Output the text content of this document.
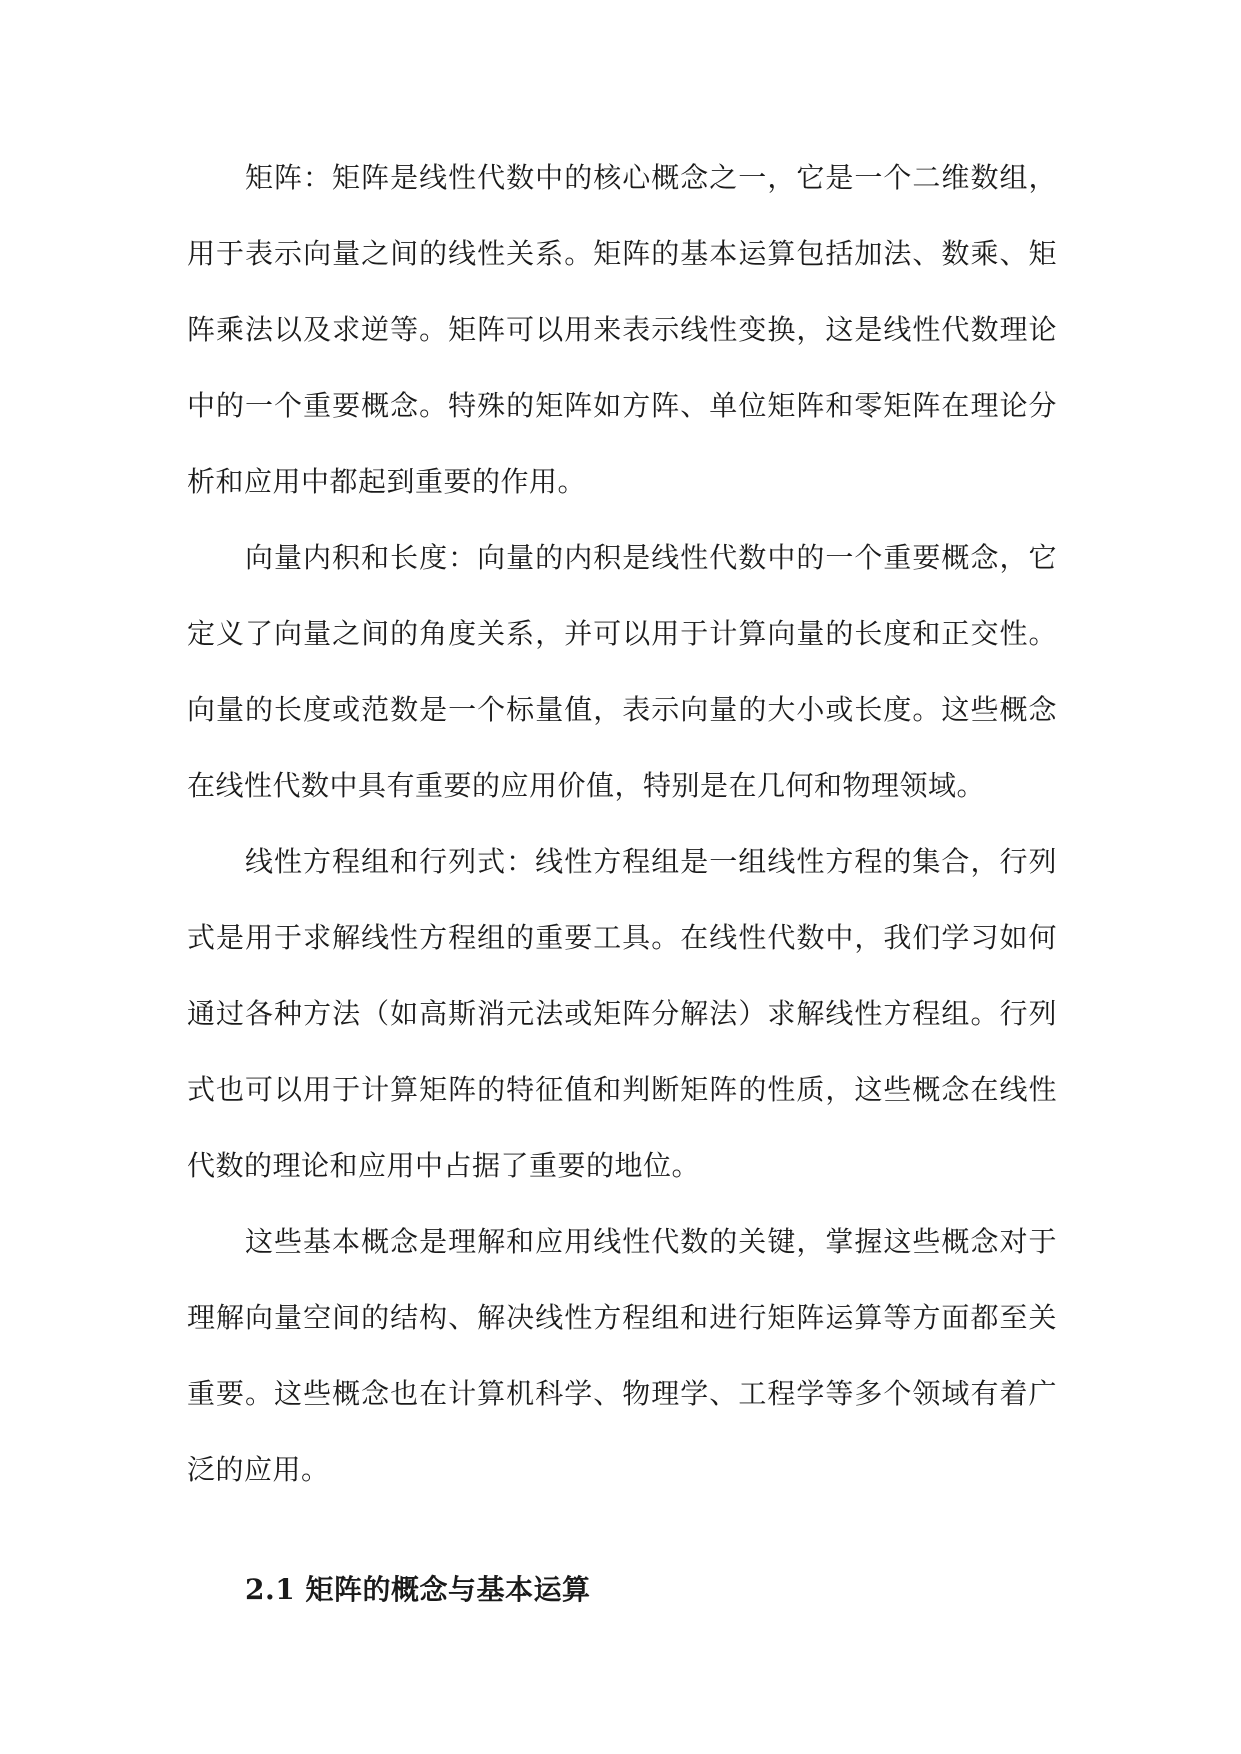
矩阵：矩阵是线性代数中的核心概念之一，它是一个二维数组，用于表示向量之间的线性关系。矩阵的基本运算包括加法、数乘、矩阵乘法以及求逆等。矩阵可以用来表示线性变换，这是线性代数理论中的一个重要概念。特殊的矩阵如方阵、单位矩阵和零矩阵在理论分析和应用中都起到重要的作用。

向量内积和长度：向量的内积是线性代数中的一个重要概念，它定义了向量之间的角度关系，并可以用于计算向量的长度和正交性。向量的长度或范数是一个标量值，表示向量的大小或长度。这些概念在线性代数中具有重要的应用价值，特别是在几何和物理领域。

线性方程组和行列式：线性方程组是一组线性方程的集合，行列式是用于求解线性方程组的重要工具。在线性代数中，我们学习如何通过各种方法（如高斯消元法或矩阵分解法）求解线性方程组。行列式也可以用于计算矩阵的特征值和判断矩阵的性质，这些概念在线性代数的理论和应用中占据了重要的地位。

这些基本概念是理解和应用线性代数的关键，掌握这些概念对于理解向量空间的结构、解决线性方程组和进行矩阵运算等方面都至关重要。这些概念也在计算机科学、物理学、工程学等多个领域有着广泛的应用。

2.1 矩阵的概念与基本运算
